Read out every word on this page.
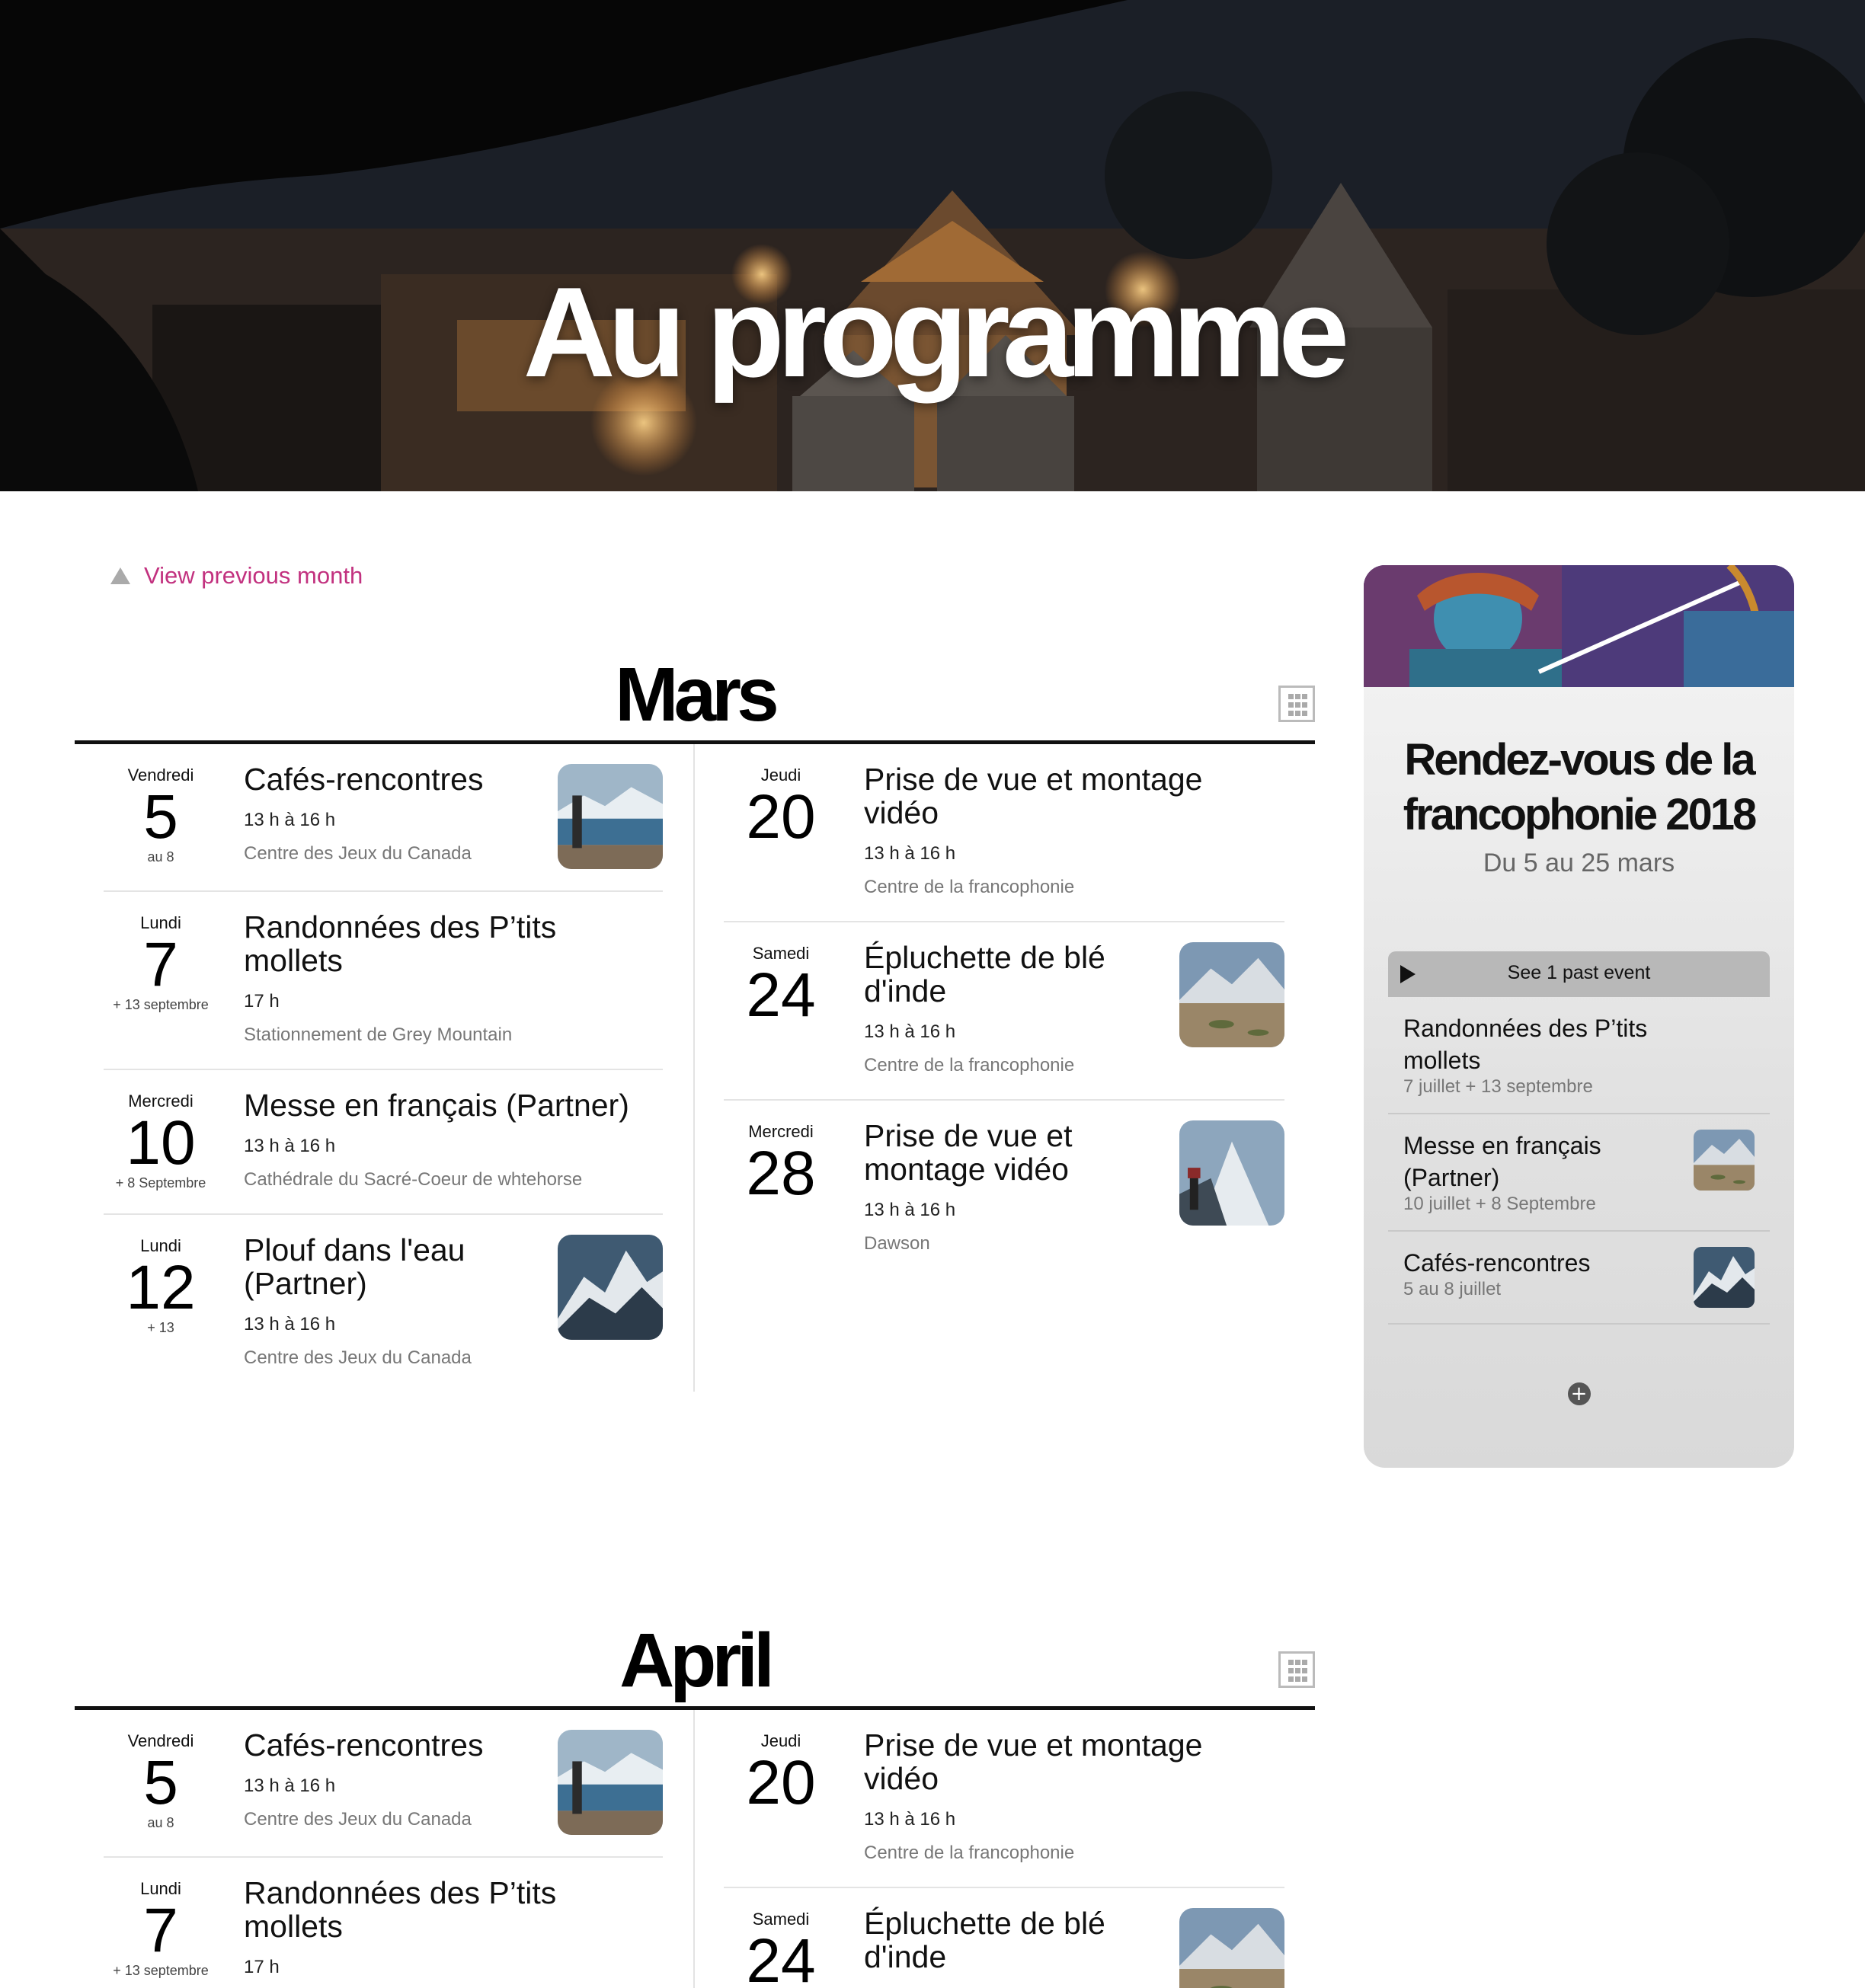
Au programme
View previous month
Mars
Vendredi
5
au 8
Cafés-rencontres
13 h à 16 h
Centre des Jeux du Canada
Lundi
7
+ 13 septembre
Randonnées des P’tits mollets
17 h
Stationnement de Grey Mountain
Mercredi
10
+ 8 Septembre
Messe en français (Partner)
13 h à 16 h
Cathédrale du Sacré-Coeur de whtehorse
Lundi
12
+ 13
Plouf dans l'eau (Partner)
13 h à 16 h
Centre des Jeux du Canada
Jeudi
20
Prise de vue et montage vidéo
13 h à 16 h
Centre de la francophonie
Samedi
24
Épluchette de blé d'inde
13 h à 16 h
Centre de la francophonie
Mercredi
28
Prise de vue et montage vidéo
13 h à 16 h
Dawson
April
Vendredi
5
au 8
Cafés-rencontres
13 h à 16 h
Centre des Jeux du Canada
Lundi
7
+ 13 septembre
Randonnées des P’tits mollets
17 h
Jeudi
20
Prise de vue et montage vidéo
13 h à 16 h
Centre de la francophonie
Samedi
24
Épluchette de blé d'inde
Rendez-vous de la francophonie 2018
Du 5 au 25 mars
See 1 past event
Randonnées des P’tits mollets
7 juillet + 13 septembre
Messe en français (Partner)
10 juillet + 8 Septembre
Cafés-rencontres
5 au 8 juillet
+
